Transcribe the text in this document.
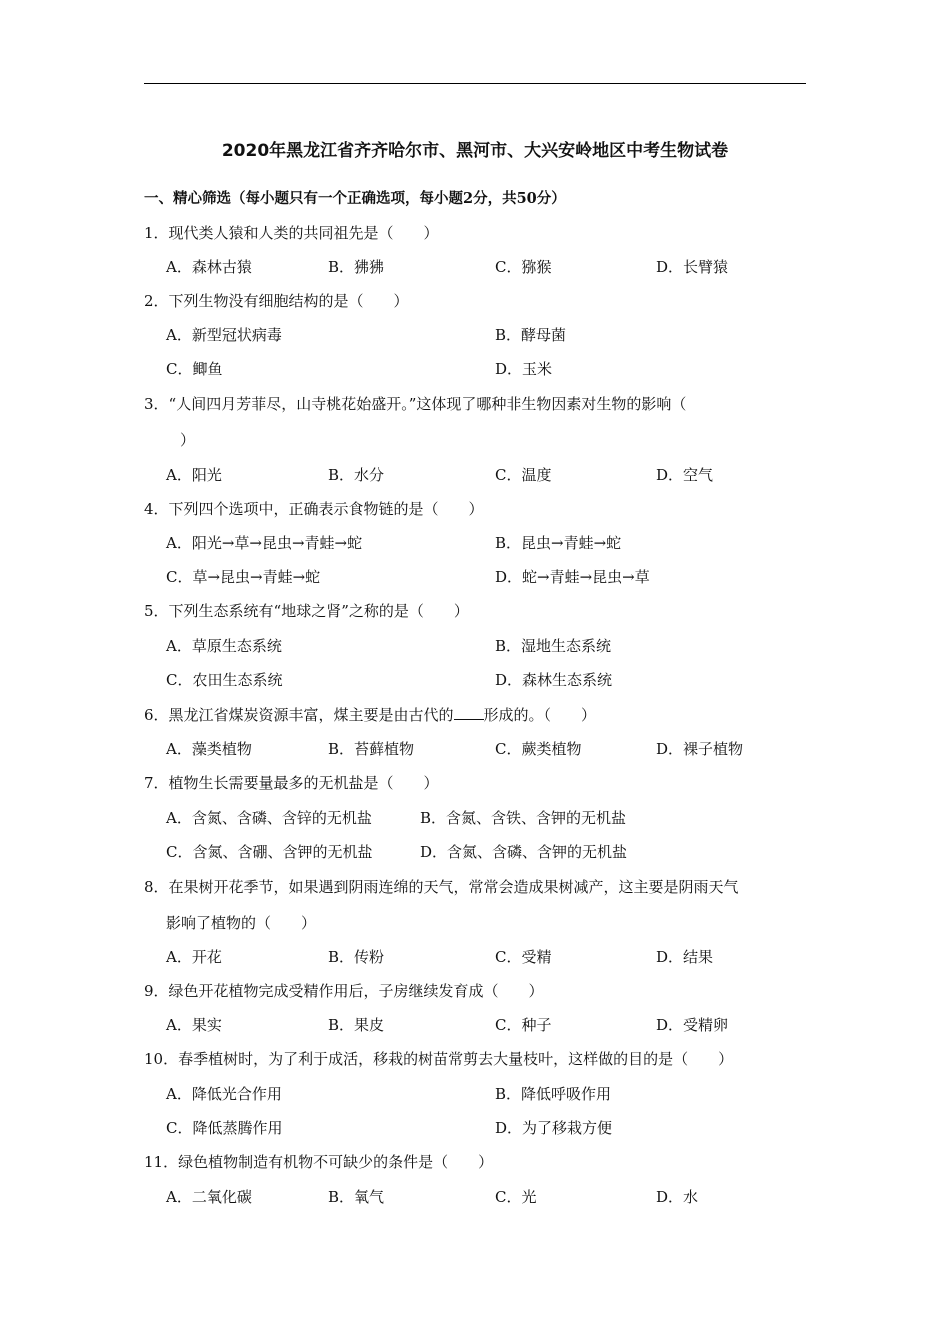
2020年黑龙江省齐齐哈尔市、黑河市、大兴安岭地区中考生物试卷
一、精心筛选（每小题只有一个正确选项，每小题2分，共50分）
1．现代类人猿和人类的共同祖先是（　　）
A．森林古猿	B．狒狒	C．猕猴	D．长臂猿
2．下列生物没有细胞结构的是（　　）
A．新型冠状病毒	B．酵母菌
C．鲫鱼	D．玉米
3．“人间四月芳菲尽，山寺桃花始盛开。”这体现了哪种非生物因素对生物的影响（
）
A．阳光	B．水分	C．温度	D．空气
4．下列四个选项中，正确表示食物链的是（　　）
A．阳光→草→昆虫→青蛙→蛇	B．昆虫→青蛙→蛇
C．草→昆虫→青蛙→蛇	D．蛇→青蛙→昆虫→草
5．下列生态系统有“地球之肾”之称的是（　　）
A．草原生态系统	B．湿地生态系统
C．农田生态系统	D．森林生态系统
6．黑龙江省煤炭资源丰富，煤主要是由古代的 形成的。（　　）
A．藻类植物	B．苔藓植物	C．蕨类植物	D．裸子植物
7．植物生长需要量最多的无机盐是（　　）
A．含氮、含磷、含锌的无机盐	B．含氮、含铁、含钾的无机盐
C．含氮、含硼、含钾的无机盐	D．含氮、含磷、含钾的无机盐
8．在果树开花季节，如果遇到阴雨连绵的天气，常常会造成果树减产，这主要是阴雨天气
影响了植物的（　　）
A．开花	B．传粉	C．受精	D．结果
9．绿色开花植物完成受精作用后，子房继续发育成（　　）
A．果实	B．果皮	C．种子	D．受精卵
10．春季植树时，为了利于成活，移栽的树苗常剪去大量枝叶，这样做的目的是（　　）
A．降低光合作用	B．降低呼吸作用
C．降低蒸腾作用	D．为了移栽方便
11．绿色植物制造有机物不可缺少的条件是（　　）
A．二氧化碳	B．氧气	C．光	D．水
